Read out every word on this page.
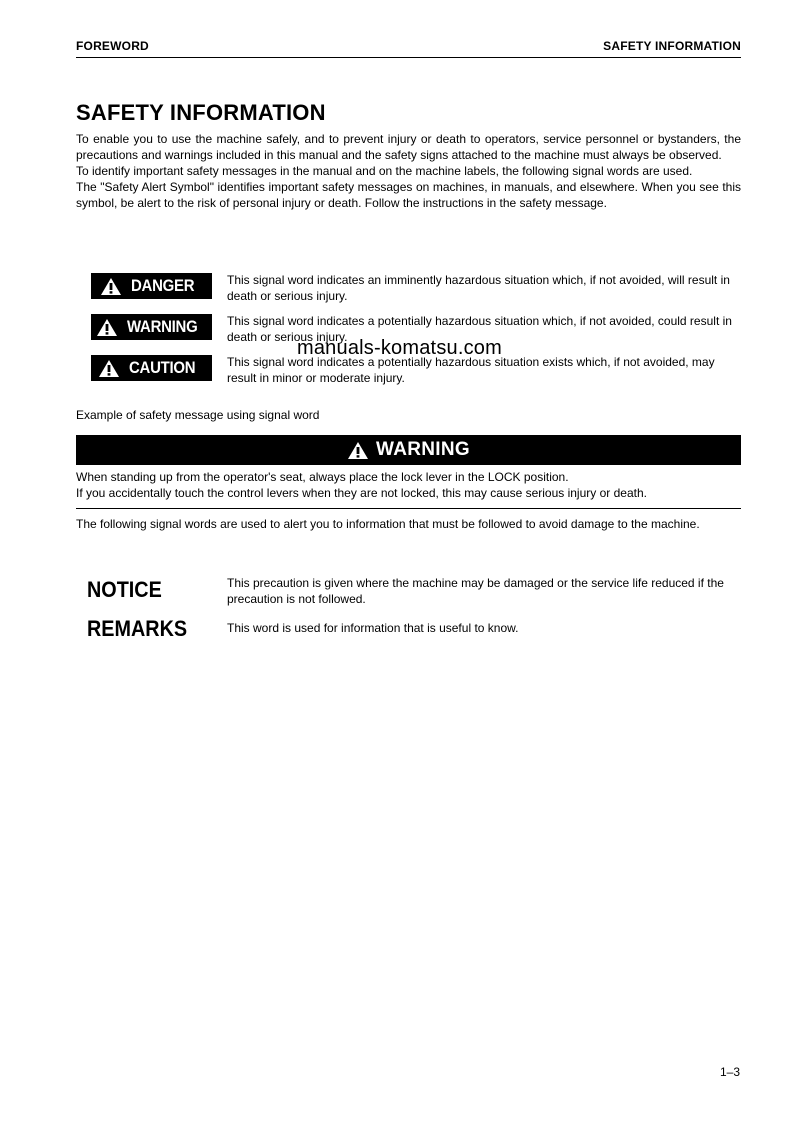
FOREWORD	SAFETY INFORMATION
SAFETY INFORMATION

To enable you to use the machine safely, and to prevent injury or death to operators, service personnel or bystanders, the precautions and warnings included in this manual and the safety signs attached to the machine must always be observed.

To identify important safety messages in the manual and on the machine labels, the following signal words are used.

The "Safety Alert Symbol" identifies important safety messages on machines, in manuals, and elsewhere. When you see this symbol, be alert to the risk of personal injury or death. Follow the instructions in the safety message.

DANGER	This signal word indicates an imminently hazardous situation which, if not avoided, will result in death or serious injury.
WARNING This signal word indicates a potentially hazardous situation which, if not avoided, could result in death or serious injury.
CAUTION	This signal word indicates a potentially hazardous situation exists which, if not avoided, may result in minor or moderate injury.
manuals-komatsu.com
Example of safety message using signal word
WARNING

When standing up from the operator's seat, always place the lock lever in the LOCK position.

If you accidentally touch the control levers when they are not locked, this may cause serious injury or death.

The following signal words are used to alert you to information that must be followed to avoid damage to the machine.
NOTICE	This precaution is given where the machine may be damaged or the service life reduced if the precaution is not followed.
REMARKS	This word is used for information that is useful to know.
1–3
